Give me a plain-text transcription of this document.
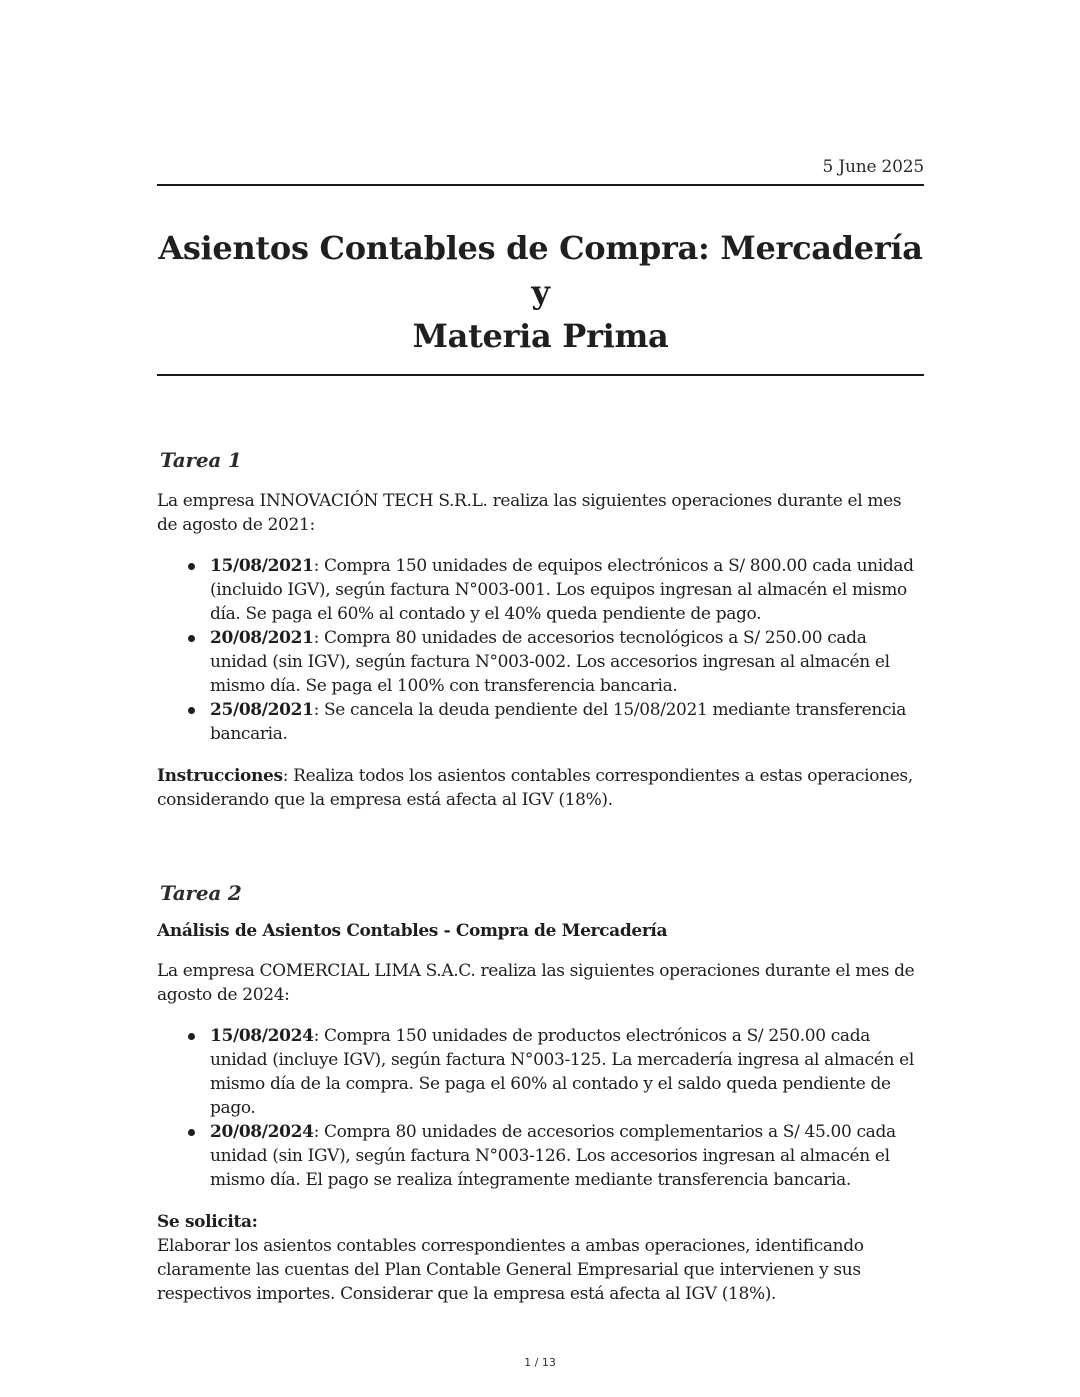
5 June 2025
Asientos Contables de Compra: Mercadería y
Materia Prima
Tarea 1

La empresa INNOVACIÓN TECH S.R.L. realiza las siguientes operaciones durante el mes de agosto de 2021:

15/08/2021: Compra 150 unidades de equipos electrónicos a S/ 800.00 cada unidad (incluido IGV), según factura N°003-001. Los equipos ingresan al almacén el mismo día. Se paga el 60% al contado y el 40% queda pendiente de pago.
20/08/2021: Compra 80 unidades de accesorios tecnológicos a S/ 250.00 cada unidad (sin IGV), según factura N°003-002. Los accesorios ingresan al almacén el mismo día. Se paga el 100% con transferencia bancaria.
25/08/2021: Se cancela la deuda pendiente del 15/08/2021 mediante transferencia bancaria.

Instrucciones: Realiza todos los asientos contables correspondientes a estas operaciones, considerando que la empresa está afecta al IGV (18%).

Tarea 2
Análisis de Asientos Contables - Compra de Mercadería

La empresa COMERCIAL LIMA S.A.C. realiza las siguientes operaciones durante el mes de agosto de 2024:

15/08/2024: Compra 150 unidades de productos electrónicos a S/ 250.00 cada unidad (incluye IGV), según factura N°003-125. La mercadería ingresa al almacén el mismo día de la compra. Se paga el 60% al contado y el saldo queda pendiente de pago.
20/08/2024: Compra 80 unidades de accesorios complementarios a S/ 45.00 cada unidad (sin IGV), según factura N°003-126. Los accesorios ingresan al almacén el mismo día. El pago se realiza íntegramente mediante transferencia bancaria.
Se solicita:

Elaborar los asientos contables correspondientes a ambas operaciones, identificando claramente las cuentas del Plan Contable General Empresarial que intervienen y sus respectivos importes. Considerar que la empresa está afecta al IGV (18%).

1 / 13
